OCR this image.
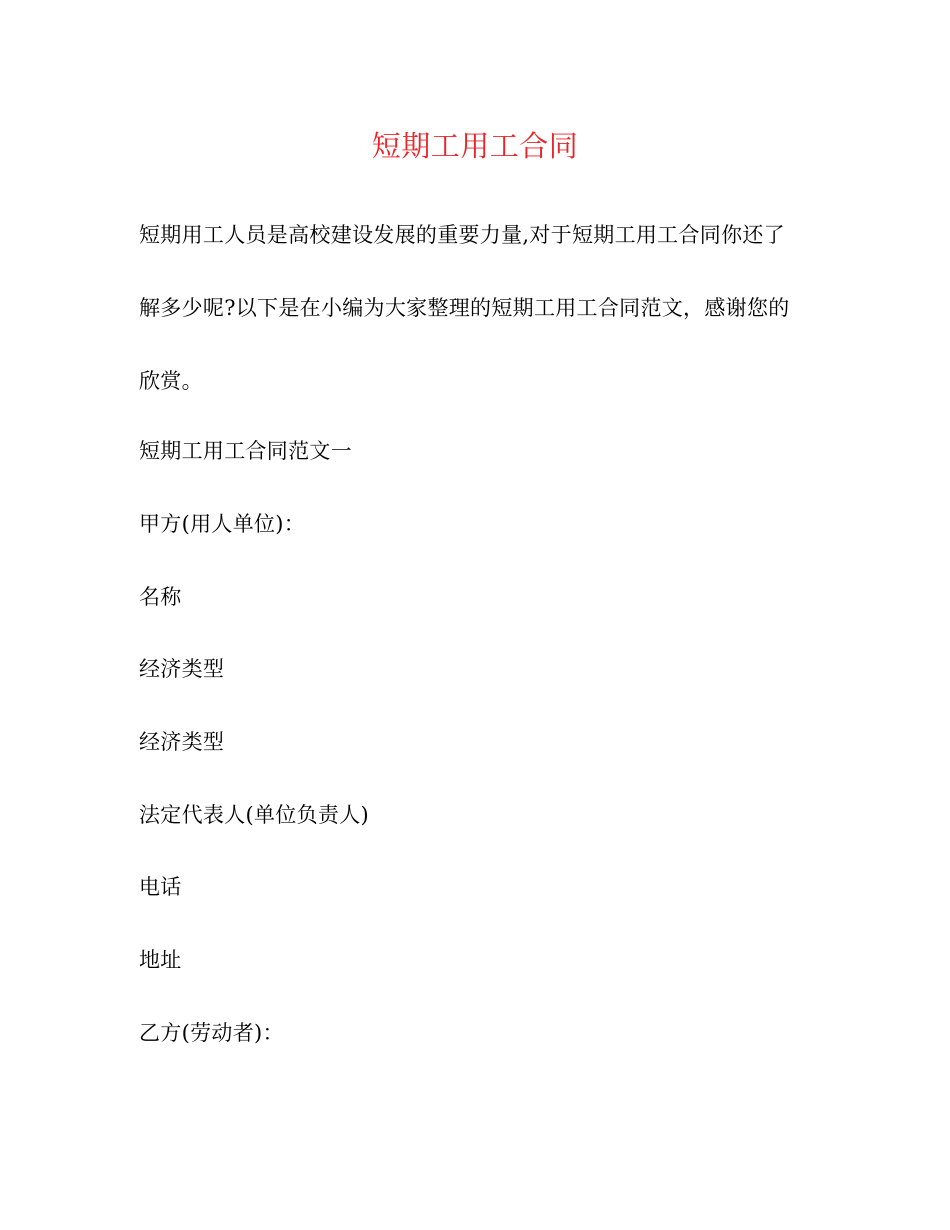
短期工用工合同
短期用工人员是高校建设发展的重要力量,对于短期工用工合同你还了
解多少呢?以下是在小编为大家整理的短期工用工合同范文，感谢您的
欣赏。
短期工用工合同范文一
甲方(用人单位)：
名称
经济类型
经济类型
法定代表人(单位负责人)
电话
地址
乙方(劳动者)：
